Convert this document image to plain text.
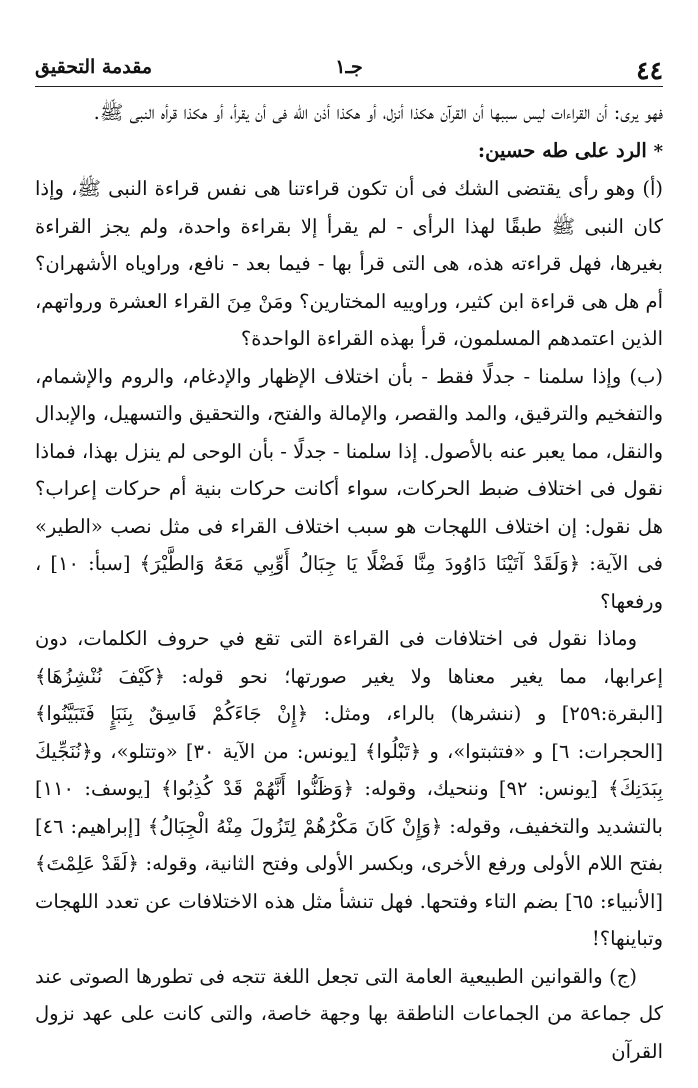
٤٤
جـ١
مقدمة التحقيق

فهو يرى: أن القراءات ليس سببها أن القرآن هكذا أنزل، أو هكذا أذن الله فى أن يقرأ، أو هكذا قرأه النبى ﷺ.

* الرد على طه حسين:

(أ) وهو رأى يقتضى الشك فى أن تكون قراءتنا هى نفس قراءة النبى ﷺ، وإذا كان النبى ﷺ طبقًا لهذا الرأى - لم يقرأ إلا بقراءة واحدة، ولم يجز القراءة بغيرها، فهل قراءته هذه، هى التى قرأ بها - فيما بعد - نافع، وراوياه الأشهران؟ أم هل هى قراءة ابن كثير، وراوييه المختارين؟ ومَنْ مِنَ القراء العشرة ورواتهم، الذين اعتمدهم المسلمون، قرأ بهذه القراءة الواحدة؟

(ب) وإذا سلمنا - جدلًا فقط - بأن اختلاف الإظهار والإدغام، والروم والإشمام، والتفخيم والترقيق، والمد والقصر، والإمالة والفتح، والتحقيق والتسهيل، والإبدال والنقل، مما يعبر عنه بالأصول. إذا سلمنا - جدلًا - بأن الوحى لم ينزل بهذا، فماذا نقول فى اختلاف ضبط الحركات، سواء أكانت حركات بنية أم حركات إعراب؟ هل نقول: إن اختلاف اللهجات هو سبب اختلاف القراء فى مثل نصب «الطير» فى الآية: ﴿وَلَقَدْ آتَيْنَا دَاوُودَ مِنَّا فَضْلًا يَا جِبَالُ أَوِّبِي مَعَهُ وَالطَّيْرَ﴾ [سبأ: ١٠] ، ورفعها؟

وماذا نقول فى اختلافات فى القراءة التى تقع في حروف الكلمات، دون إعرابها، مما يغير معناها ولا يغير صورتها؛ نحو قوله: ﴿كَيْفَ نُنْشِزُهَا﴾ [البقرة:٢٥٩] و (ننشرها) بالراء، ومثل: ﴿إِنْ جَاءَكُمْ فَاسِقٌ بِنَبَإٍ فَتَبَيَّنُوا﴾ [الحجرات: ٦] و «فتثبتوا»، و ﴿تَبْلُوا﴾ [يونس: من الآية ٣٠] «وتتلو»، و﴿نُنَجِّيكَ بِبَدَنِكَ﴾ [يونس: ٩٢] وننحيك، وقوله: ﴿وَظَنُّوا أَنَّهُمْ قَدْ كُذِبُوا﴾ [يوسف: ١١٠] بالتشديد والتخفيف، وقوله: ﴿وَإِنْ كَانَ مَكْرُهُمْ لِتَزُولَ مِنْهُ الْجِبَالُ﴾ [إبراهيم: ٤٦] بفتح اللام الأولى ورفع الأخرى، وبكسر الأولى وفتح الثانية، وقوله: ﴿لَقَدْ عَلِمْتَ﴾ [الأنبياء: ٦٥] بضم التاء وفتحها. فهل تنشأ مثل هذه الاختلافات عن تعدد اللهجات وتباينها؟!

(ج) والقوانين الطبيعية العامة التى تجعل اللغة تتجه فى تطورها الصوتى عند كل جماعة من الجماعات الناطقة بها وجهة خاصة، والتى كانت على عهد نزول القرآن
